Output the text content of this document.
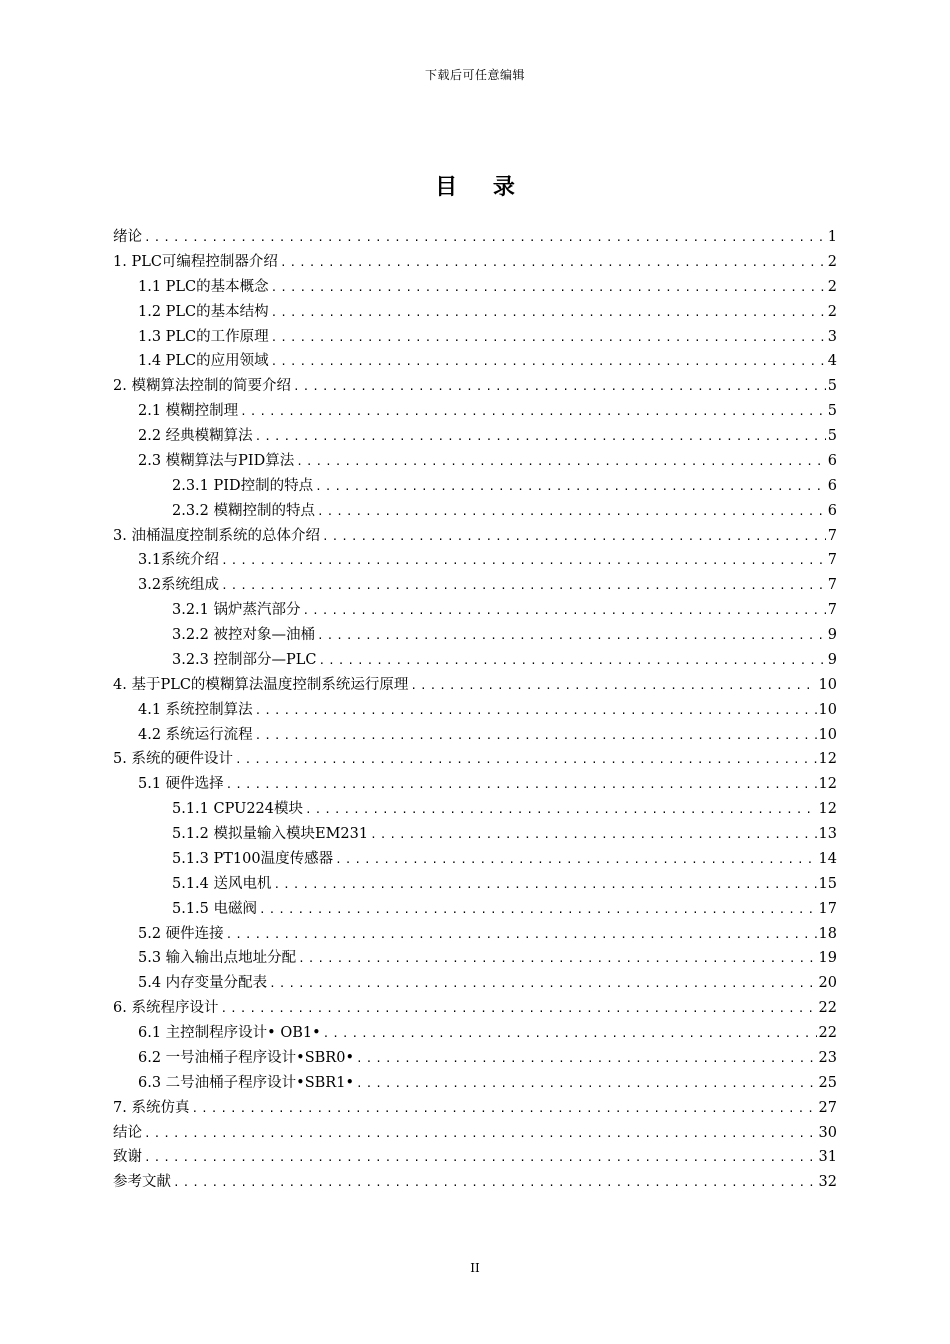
下载后可任意编辑
目 录
绪论 .....	1
1. PLC可编程控制器介绍 .....	2
1.1 PLC的基本概念 .....	2
1.2 PLC的基本结构 .....	2
1.3 PLC的工作原理 .....	3
1.4 PLC的应用领域 .....	4
2. 模糊算法控制的简要介绍 .....	5
2.1 模糊控制理 .....	5
2.2 经典模糊算法 .....	5
2.3 模糊算法与PID算法 .....	6
2.3.1 PID控制的特点 .....	6
2.3.2 模糊控制的特点 .....	6
3. 油桶温度控制系统的总体介绍 .....	7
3.1系统介绍 .....	7
3.2系统组成 .....	7
3.2.1 锅炉蒸汽部分 .....	7
3.2.2 被控对象—油桶 .....	9
3.2.3 控制部分—PLC .....	9
4. 基于PLC的模糊算法温度控制系统运行原理 .....	10
4.1 系统控制算法 .....	10
4.2 系统运行流程 .....	10
5. 系统的硬件设计 .....	12
5.1 硬件选择 .....	12
5.1.1 CPU224模块 .....	12
5.1.2 模拟量输入模块EM231 .....	13
5.1.3 PT100温度传感器 .....	14
5.1.4 送风电机 .....	15
5.1.5 电磁阀 .....	17
5.2 硬件连接 .....	18
5.3 输入输出点地址分配 .....	19
5.4 内存变量分配表 .....	20
6. 系统程序设计 .....	22
6.1 主控制程序设计• OB1• .....	22
6.2 一号油桶子程序设计•SBR0• .....	23
6.3 二号油桶子程序设计•SBR1• .....	25
7. 系统仿真 .....	27
结论 .....	30
致谢 .....	31
参考文献 .....	32
II
